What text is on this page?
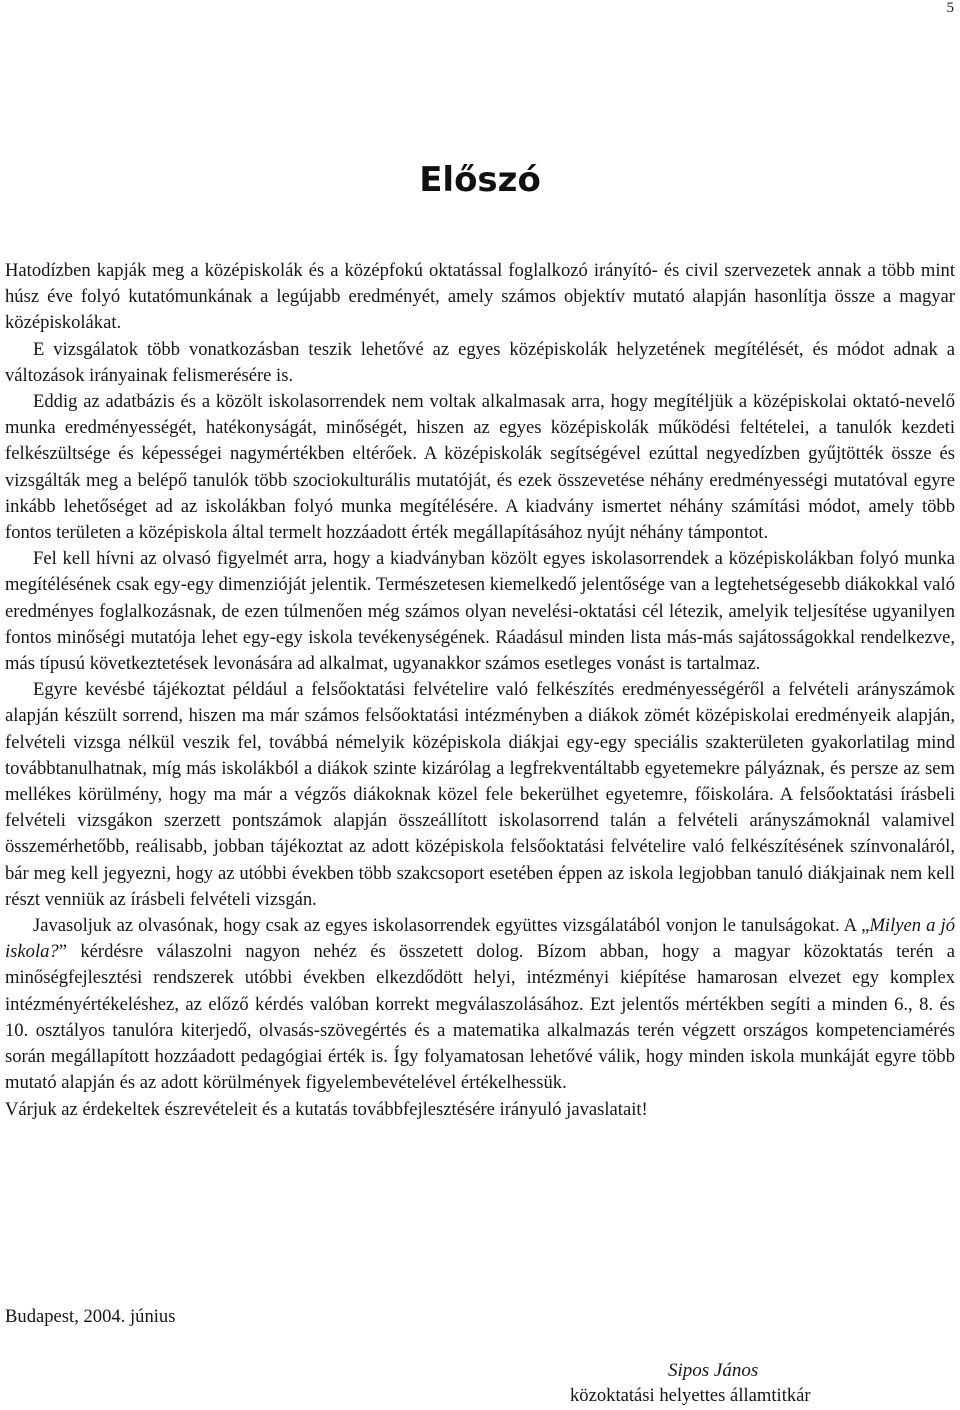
5
Előszó

Hatodízben kapják meg a középiskolák és a középfokú oktatással foglalkozó irányító- és civil szervezetek annak a több mint húsz éve folyó kutatómunkának a legújabb eredményét, amely számos objektív mutató alapján hasonlítja össze a magyar középiskolákat.

E vizsgálatok több vonatkozásban teszik lehetővé az egyes középiskolák helyzetének megítélését, és módot adnak a változások irányainak felismerésére is.

Eddig az adatbázis és a közölt iskolasorrendek nem voltak alkalmasak arra, hogy megítéljük a középiskolai oktató-nevelő munka eredményességét, hatékonyságát, minőségét, hiszen az egyes középiskolák működési feltételei, a tanulók kezdeti felkészültsége és képességei nagymértékben eltérőek. A középiskolák segítségével ezúttal negyedízben gyűjtötték össze és vizsgálták meg a belépő tanulók több szociokulturális mutatóját, és ezek összevetése néhány eredményességi mutatóval egyre inkább lehetőséget ad az iskolákban folyó munka megítélésére. A kiadvány ismertet néhány számítási módot, amely több fontos területen a középiskola által termelt hozzáadott érték megállapításához nyújt néhány támpontot.

Fel kell hívni az olvasó figyelmét arra, hogy a kiadványban közölt egyes iskolasorrendek a középiskolákban folyó munka megítélésének csak egy-egy dimenzióját jelentik. Természetesen kiemelkedő jelentősége van a legtehetségesebb diákokkal való eredményes foglalkozásnak, de ezen túlmenően még számos olyan nevelési-oktatási cél létezik, amelyik teljesítése ugyanilyen fontos minőségi mutatója lehet egy-egy iskola tevékenységének. Ráadásul minden lista más-más sajátosságokkal rendelkezve, más típusú következtetések levonására ad alkalmat, ugyanakkor számos esetleges vonást is tartalmaz.

Egyre kevésbé tájékoztat például a felsőoktatási felvételire való felkészítés eredményességéről a felvételi arányszámok alapján készült sorrend, hiszen ma már számos felsőoktatási intézményben a diákok zömét középiskolai eredményeik alapján, felvételi vizsga nélkül veszik fel, továbbá némelyik középiskola diákjai egy-egy speciális szakterületen gyakorlatilag mind továbbtanulhatnak, míg más iskolákból a diákok szinte kizárólag a legfrekventáltabb egyetemekre pályáznak, és persze az sem mellékes körülmény, hogy ma már a végzős diákoknak közel fele bekerülhet egyetemre, főiskolára. A felsőoktatási írásbeli felvételi vizsgákon szerzett pontszámok alapján összeállított iskolasorrend talán a felvételi arányszámoknál valamivel összemérhetőbb, reálisabb, jobban tájékoztat az adott középiskola felsőoktatási felvételire való felkészítésének színvonaláról, bár meg kell jegyezni, hogy az utóbbi években több szakcsoport esetében éppen az iskola legjobban tanuló diákjainak nem kell részt venniük az írásbeli felvételi vizsgán.

Javasoljuk az olvasónak, hogy csak az egyes iskolasorrendek együttes vizsgálatából vonjon le tanulságokat. A „Milyen a jó iskola?” kérdésre válaszolni nagyon nehéz és összetett dolog. Bízom abban, hogy a magyar közoktatás terén a minőségfejlesztési rendszerek utóbbi években elkezdődött helyi, intézményi kiépítése hamarosan elvezet egy komplex intézményértékeléshez, az előző kérdés valóban korrekt megválaszolásához. Ezt jelentős mértékben segíti a minden 6., 8. és 10. osztályos tanulóra kiterjedő, olvasás-szövegértés és a matematika alkalmazás terén végzett országos kompetenciamérés során megállapított hozzáadott pedagógiai érték is. Így folyamatosan lehetővé válik, hogy minden iskola munkáját egyre több mutató alapján és az adott körülmények figyelembevételével értékelhessük.

Várjuk az érdekeltek észrevételeit és a kutatás továbbfejlesztésére irányuló javaslatait!

Budapest, 2004. június
Sipos János
közoktatási helyettes államtitkár
